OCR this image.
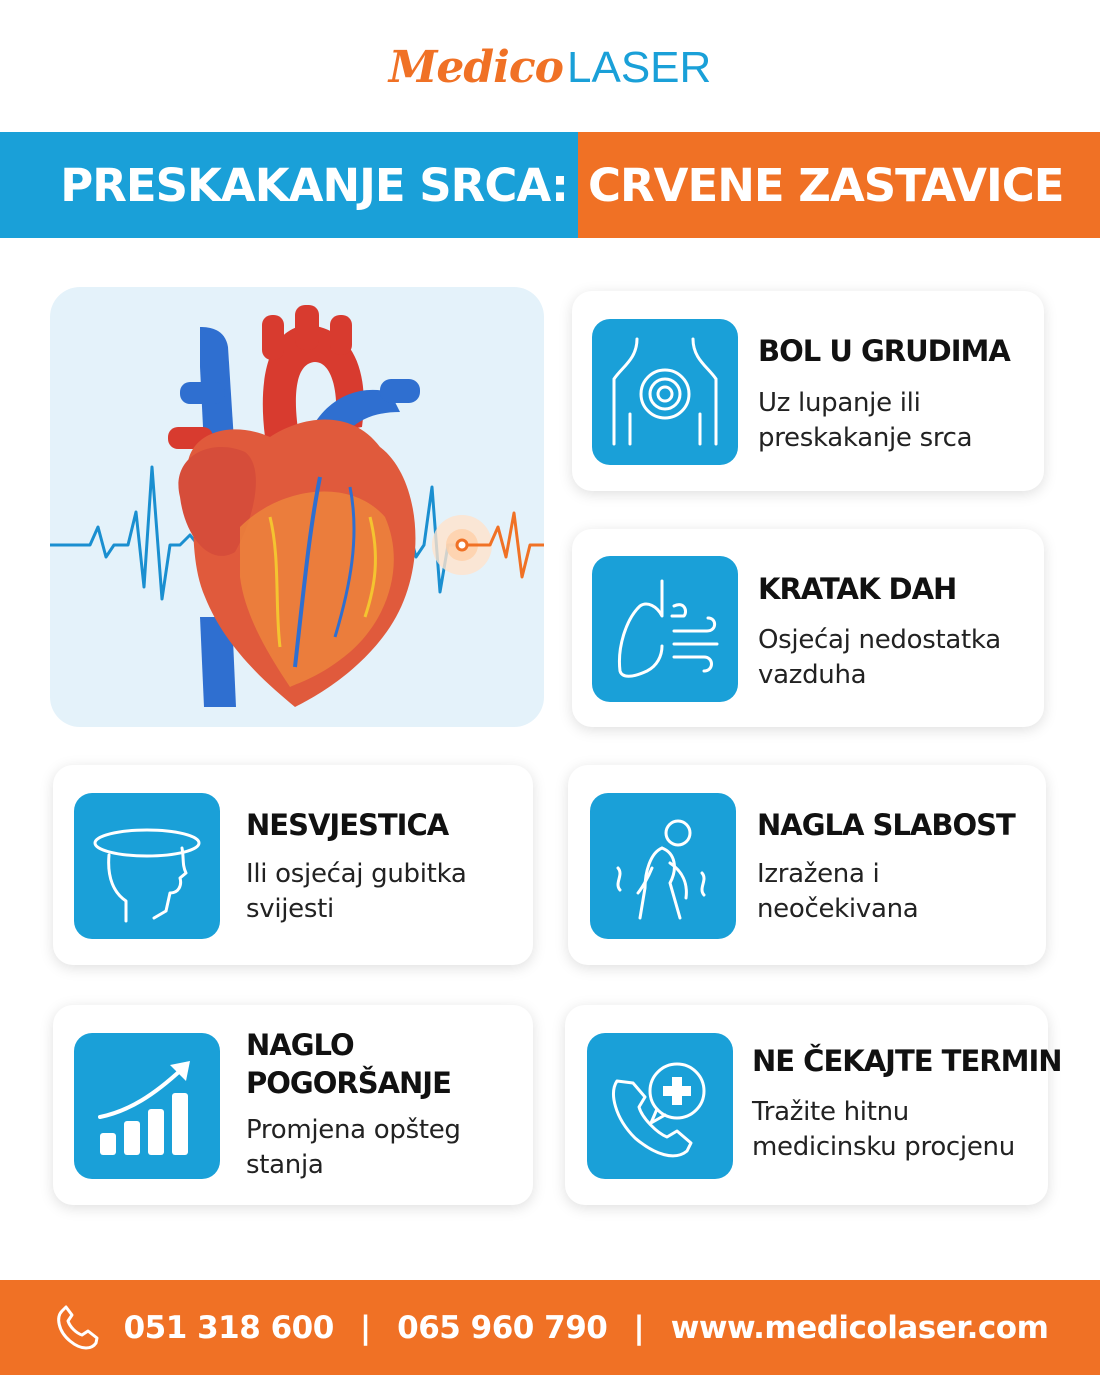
MedicoLASER
PRESKAKANJE SRCA: CRVENE ZASTAVICE
BOL U GRUDIMA
Uz lupanje ili
preskakanje srca
KRATAK DAH
Osjećaj nedostatka
vazduha
NESVJESTICA
Ili osjećaj gubitka
svijesti
NAGLA SLABOST
Izražena i
neočekivana
NAGLO
POGORŠANJE
Promjena opšteg
stanja
NE ČEKAJTE TERMIN
Tražite hitnu
medicinsku procjenu
051 318 600 | 065 960 790 | www.medicolaser.com
